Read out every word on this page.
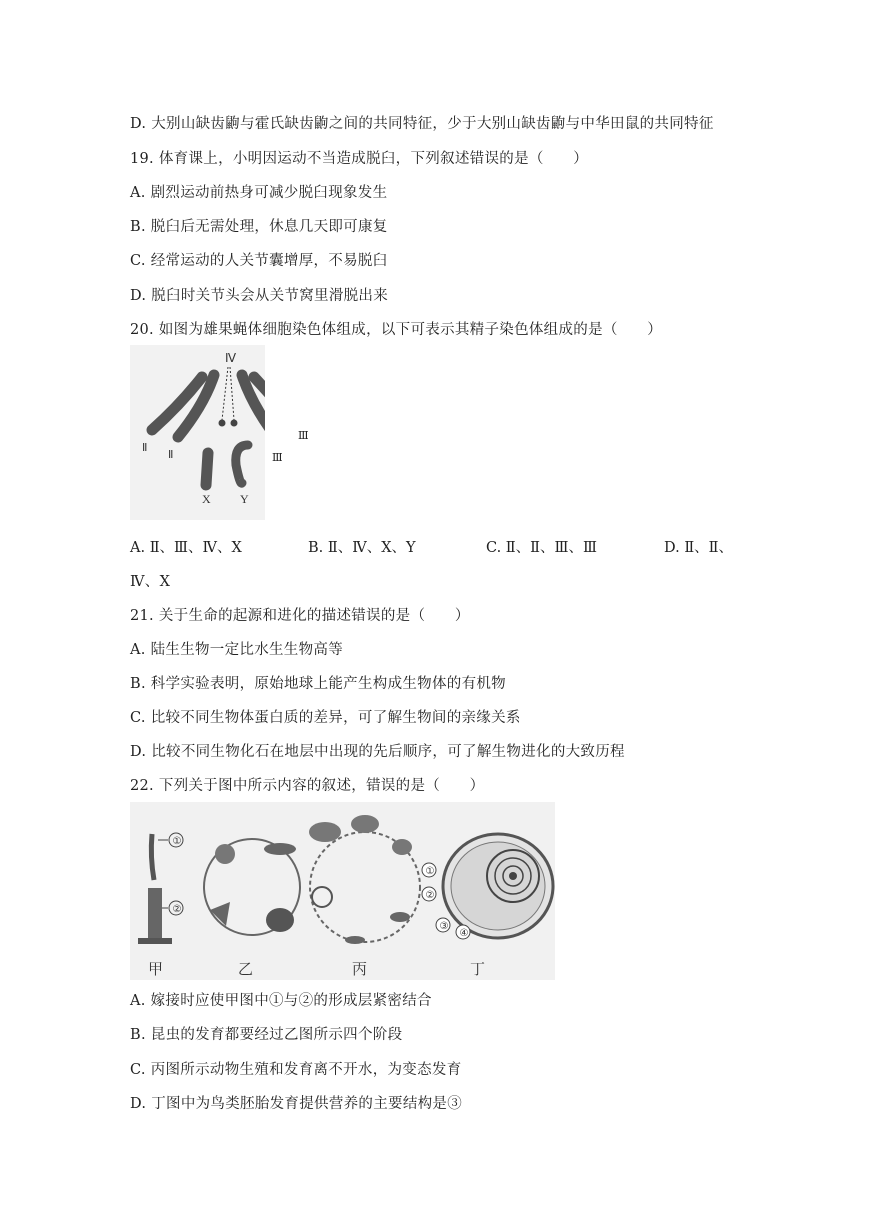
D. 大别山缺齿鼩与霍氏缺齿鼩之间的共同特征，少于大别山缺齿鼩与中华田鼠的共同特征
19. 体育课上，小明因运动不当造成脱臼，下列叙述错误的是（　　）
A. 剧烈运动前热身可减少脱臼现象发生
B. 脱臼后无需处理，休息几天即可康复
C. 经常运动的人关节囊增厚，不易脱臼
D. 脱臼时关节头会从关节窝里滑脱出来
20. 如图为雄果蝇体细胞染色体组成，以下可表示其精子染色体组成的是（　　）
Ⅳ
Ⅱ
Ⅱ
X Y
Ⅲ
Ⅲ
A. Ⅱ、Ⅲ、Ⅳ、X	B. Ⅱ、Ⅳ、X、Y	C. Ⅱ、Ⅱ、Ⅲ、Ⅲ	D. Ⅱ、Ⅱ、
Ⅳ、X
21. 关于生命的起源和进化的描述错误的是（　　）
A. 陆生生物一定比水生生物高等
B. 科学实验表明，原始地球上能产生构成生物体的有机物
C. 比较不同生物体蛋白质的差异，可了解生物间的亲缘关系
D. 比较不同生物化石在地层中出现的先后顺序，可了解生物进化的大致历程
22. 下列关于图中所示内容的叙述，错误的是（　　）
①
②
①
②
③
④
甲	乙	丙	丁
A. 嫁接时应使甲图中①与②的形成层紧密结合
B. 昆虫的发育都要经过乙图所示四个阶段
C. 丙图所示动物生殖和发育离不开水，为变态发育
D. 丁图中为鸟类胚胎发育提供营养的主要结构是③
